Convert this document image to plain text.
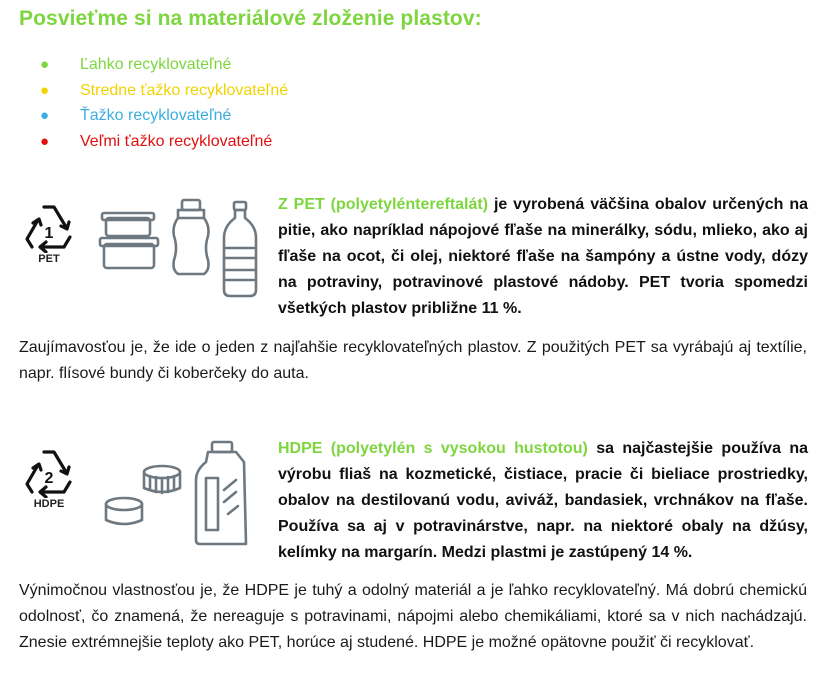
Posvieťme si na materiálové zloženie plastov:
● Ľahko recyklovateľné
● Stredne ťažko recyklovateľné
● Ťažko recyklovateľné
● Veľmi ťažko recyklovateľné
1
PET

Z PET (polyetyléntereftalát) je vyrobená väčšina obalov určených na pitie, ako napríklad nápojové fľaše na minerálky, sódu, mlieko, ako aj fľaše na ocot, či olej, niektoré fľaše na šampóny a ústne vody, dózy na potraviny, potravinové plastové nádoby. PET tvoria spomedzi všetkých plastov približne 11 %.

Zaujímavosťou je, že ide o jeden z najľahšie recyklovateľných plastov. Z použitých PET sa vyrábajú aj textílie, napr. flísové bundy či koberčeky do auta.

2
HDPE

HDPE (polyetylén s vysokou hustotou) sa najčastejšie používa na výrobu fliaš na kozmetické, čistiace, pracie či bieliace prostriedky, obalov na destilovanú vodu, aviváž, bandasiek, vrchnákov na fľaše. Používa sa aj v potravinárstve, napr. na niektoré obaly na džúsy, kelímky na margarín. Medzi plastmi je zastúpený 14 %.

Výnimočnou vlastnosťou je, že HDPE je tuhý a odolný materiál a je ľahko recyklovateľný. Má dobrú chemickú odolnosť, čo znamená, že nereaguje s potravinami, nápojmi alebo chemikáliami, ktoré sa v nich nachádzajú. Znesie extrémnejšie teploty ako PET, horúce aj studené. HDPE je možné opätovne použiť či recyklovať.
